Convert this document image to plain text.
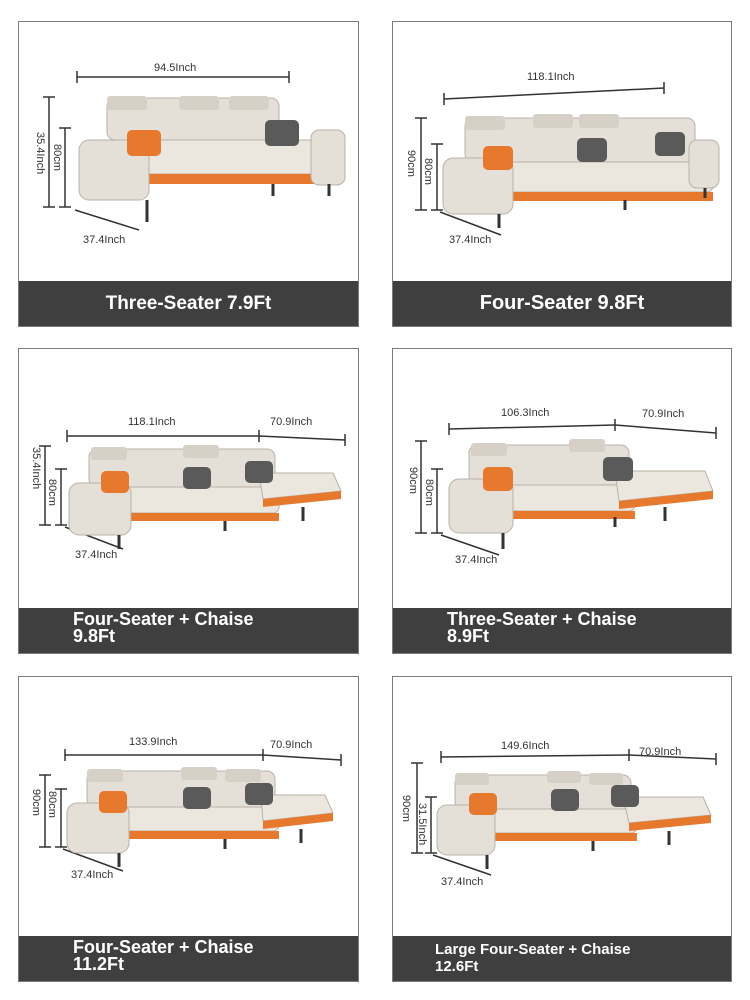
94.5Inch
35.4Inch 80cm
37.4Inch
Three-Seater 7.9Ft
118.1Inch
90cm 80cm
37.4Inch
Four-Seater 9.8Ft
118.1Inch	70.9Inch
35.4Inch
80cm
37.4Inch
Four-Seater + Chaise
9.8Ft
106.3Inch	70.9Inch
90cm 80cm
37.4Inch
Three-Seater + Chaise
8.9Ft
133.9Inch	70.9Inch
90cm 80cm
37.4Inch
Four-Seater + Chaise
11.2Ft
149.6Inch	70.9Inch
90cm 31.5Inch
37.4Inch
Large Four-Seater + Chaise
12.6Ft
